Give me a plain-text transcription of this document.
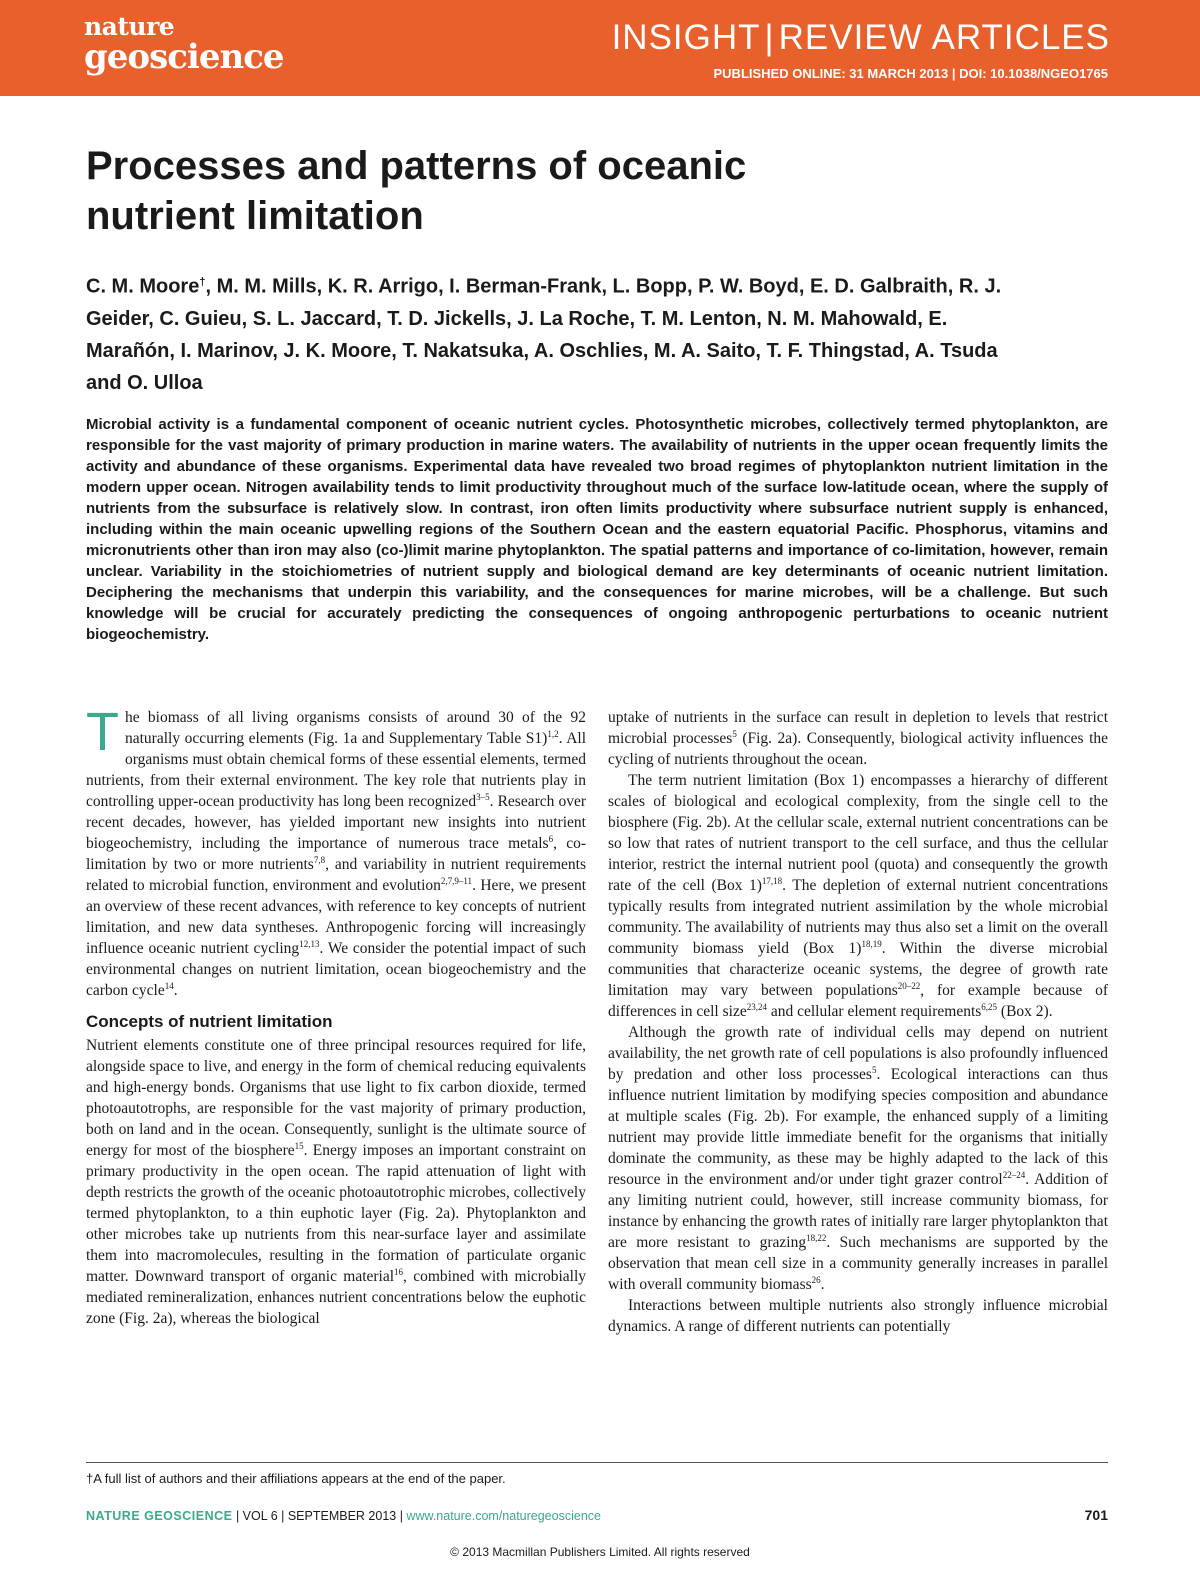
nature
geoscience	INSIGHT | REVIEW ARTICLES
PUBLISHED ONLINE: 31 MARCH 2013 | DOI: 10.1038/NGEO1765
Processes and patterns of oceanic
nutrient limitation
C. M. Moore†, M. M. Mills, K. R. Arrigo, I. Berman-Frank, L. Bopp, P. W. Boyd, E. D. Galbraith, R. J. Geider, C. Guieu, S. L. Jaccard, T. D. Jickells, J. La Roche, T. M. Lenton, N. M. Mahowald, E. Marañón, I. Marinov, J. K. Moore, T. Nakatsuka, A. Oschlies, M. A. Saito, T. F. Thingstad, A. Tsuda and O. Ulloa
Microbial activity is a fundamental component of oceanic nutrient cycles. Photosynthetic microbes, collectively termed phytoplankton, are responsible for the vast majority of primary production in marine waters. The availability of nutrients in the upper ocean frequently limits the activity and abundance of these organisms. Experimental data have revealed two broad regimes of phytoplankton nutrient limitation in the modern upper ocean. Nitrogen availability tends to limit productivity throughout much of the surface low-latitude ocean, where the supply of nutrients from the subsurface is relatively slow. In contrast, iron often limits productivity where subsurface nutrient supply is enhanced, including within the main oceanic upwelling regions of the Southern Ocean and the eastern equatorial Pacific. Phosphorus, vitamins and micronutrients other than iron may also (co-)limit marine phytoplankton. The spatial patterns and importance of co-limitation, however, remain unclear. Variability in the stoichiometries of nutrient supply and biological demand are key determinants of oceanic nutrient limitation. Deciphering the mechanisms that underpin this variability, and the consequences for marine microbes, will be a challenge. But such knowledge will be crucial for accurately predicting the consequences of ongoing anthropogenic perturbations to oceanic nutrient biogeochemistry.

The biomass of all living organisms consists of around 30 of the 92 naturally occurring elements (Fig. 1a and Supplementary Table S1)$^{1,2}$. All organisms must obtain chemical forms of these essential elements, termed nutrients, from their external environment. The key role that nutrients play in controlling upper-ocean productivity has long been recognized$^{3-5}$. Research over recent decades, however, has yielded important new insights into nutrient biogeochemistry, including the importance of numerous trace metals$^6$, co-limitation by two or more nutrients$^{7,8}$, and variability in nutrient requirements related to microbial function, environment and evolution$^{2,7,9-11}$. Here, we present an overview of these recent advances, with reference to key concepts of nutrient limitation, and new data syntheses. Anthropogenic forcing will increasingly influence oceanic nutrient cycling$^{12,13}$. We consider the potential impact of such environmental changes on nutrient limitation, ocean biogeochemistry and the carbon cycle$^{14}$.

Concepts of nutrient limitation

Nutrient elements constitute one of three principal resources required for life, alongside space to live, and energy in the form of chemical reducing equivalents and high-energy bonds. Organisms that use light to fix carbon dioxide, termed photoautotrophs, are responsible for the vast majority of primary production, both on land and in the ocean. Consequently, sunlight is the ultimate source of energy for most of the biosphere$^{15}$. Energy imposes an important constraint on primary productivity in the open ocean. The rapid attenuation of light with depth restricts the growth of the oceanic photoautotrophic microbes, collectively termed phytoplankton, to a thin euphotic layer (Fig. 2a). Phytoplankton and other microbes take up nutrients from this near-surface layer and assimilate them into macromolecules, resulting in the formation of particulate organic matter. Downward transport of organic material$^{16}$, combined with microbially mediated remineralization, enhances nutrient concentrations below the euphotic zone (Fig. 2a), whereas the biological

uptake of nutrients in the surface can result in depletion to levels that restrict microbial processes$^5$ (Fig. 2a). Consequently, biological activity influences the cycling of nutrients throughout the ocean.

The term nutrient limitation (Box 1) encompasses a hierarchy of different scales of biological and ecological complexity, from the single cell to the biosphere (Fig. 2b). At the cellular scale, external nutrient concentrations can be so low that rates of nutrient transport to the cell surface, and thus the cellular interior, restrict the internal nutrient pool (quota) and consequently the growth rate of the cell (Box 1)$^{17,18}$. The depletion of external nutrient concentrations typically results from integrated nutrient assimilation by the whole microbial community. The availability of nutrients may thus also set a limit on the overall community biomass yield (Box 1)$^{18,19}$. Within the diverse microbial communities that characterize oceanic systems, the degree of growth rate limitation may vary between populations$^{20-22}$, for example because of differences in cell size$^{23,24}$ and cellular element requirements$^{6,25}$ (Box 2).

Although the growth rate of individual cells may depend on nutrient availability, the net growth rate of cell populations is also profoundly influenced by predation and other loss processes$^5$. Ecological interactions can thus influence nutrient limitation by modifying species composition and abundance at multiple scales (Fig. 2b). For example, the enhanced supply of a limiting nutrient may provide little immediate benefit for the organisms that initially dominate the community, as these may be highly adapted to the lack of this resource in the environment and/or under tight grazer control$^{22-24}$. Addition of any limiting nutrient could, however, still increase community biomass, for instance by enhancing the growth rates of initially rare larger phytoplankton that are more resistant to grazing$^{18,22}$. Such mechanisms are supported by the observation that mean cell size in a community generally increases in parallel with overall community biomass$^{26}$.

Interactions between multiple nutrients also strongly influence microbial dynamics. A range of different nutrients can potentially

†A full list of authors and their affiliations appears at the end of the paper.
NATURE GEOSCIENCE | VOL 6 | SEPTEMBER 2013 | www.nature.com/naturegeoscience	701
© 2013 Macmillan Publishers Limited. All rights reserved
